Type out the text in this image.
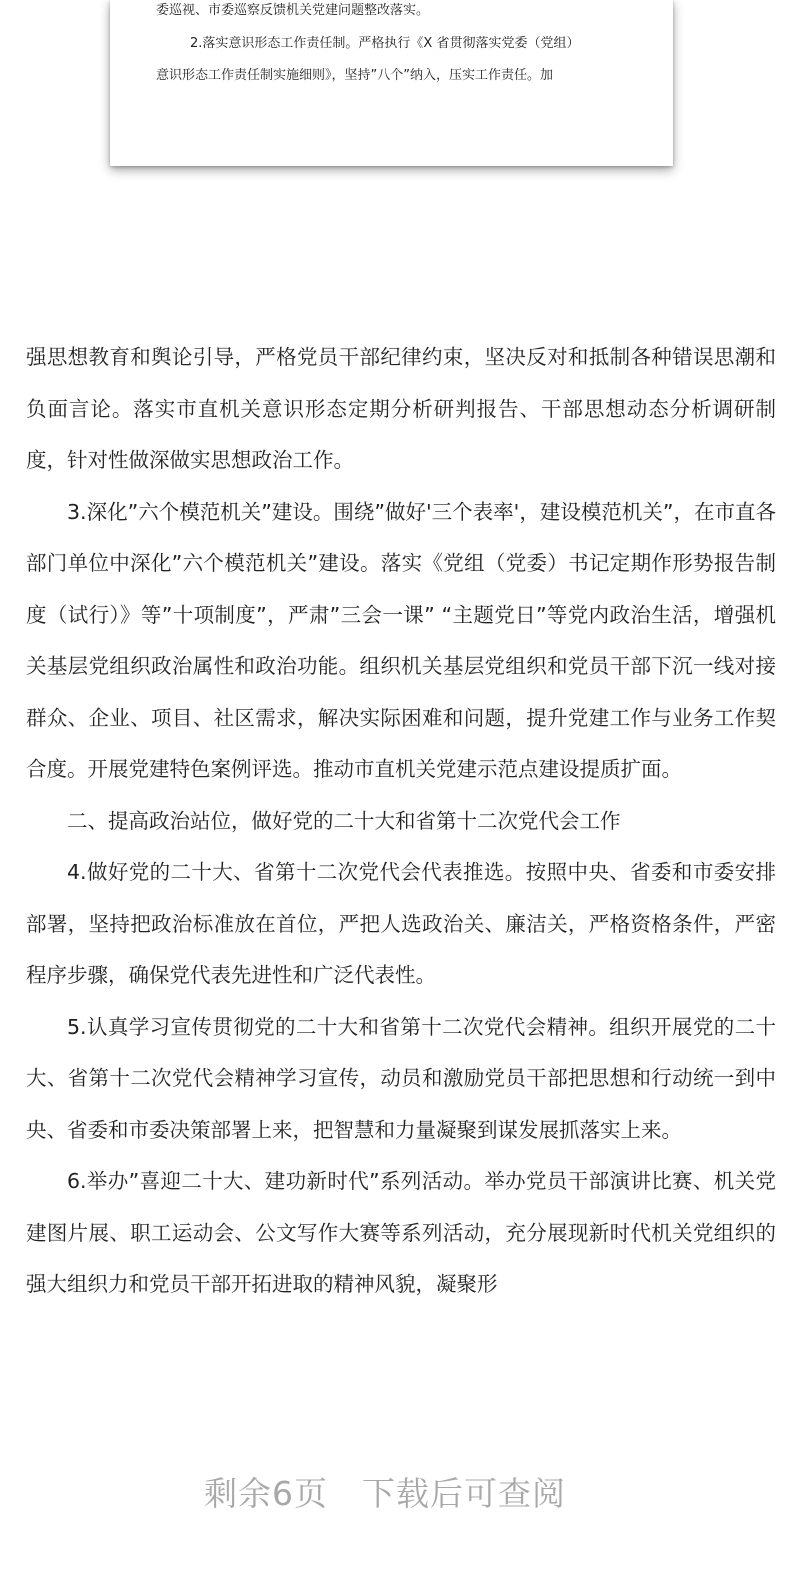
委巡视、市委巡察反馈机关党建问题整改落实。
2.落实意识形态工作责任制。严格执行《X 省贯彻落实党委（党组）
意识形态工作责任制实施细则》，坚持”八个”纳入，压实工作责任。加

强思想教育和舆论引导，严格党员干部纪律约束，坚决反对和抵制各种错误思潮和负面言论。落实市直机关意识形态定期分析研判报告、干部思想动态分析调研制度，针对性做深做实思想政治工作。

3.深化”六个模范机关”建设。围绕”做好'三个表率'，建设模范机关”，在市直各部门单位中深化”六个模范机关”建设。落实《党组（党委）书记定期作形势报告制度（试行）》等”十项制度”，严肃”三会一课” “主题党日”等党内政治生活，增强机关基层党组织政治属性和政治功能。组织机关基层党组织和党员干部下沉一线对接群众、企业、项目、社区需求，解决实际困难和问题，提升党建工作与业务工作契合度。开展党建特色案例评选。推动市直机关党建示范点建设提质扩面。

二、提高政治站位，做好党的二十大和省第十二次党代会工作

4.做好党的二十大、省第十二次党代会代表推选。按照中央、省委和市委安排部署，坚持把政治标准放在首位，严把人选政治关、廉洁关，严格资格条件，严密程序步骤，确保党代表先进性和广泛代表性。

5.认真学习宣传贯彻党的二十大和省第十二次党代会精神。组织开展党的二十大、省第十二次党代会精神学习宣传，动员和激励党员干部把思想和行动统一到中央、省委和市委决策部署上来，把智慧和力量凝聚到谋发展抓落实上来。

6.举办”喜迎二十大、建功新时代”系列活动。举办党员干部演讲比赛、机关党建图片展、职工运动会、公文写作大赛等系列活动，充分展现新时代机关党组织的强大组织力和党员干部开拓进取的精神风貌，凝聚形

剩余6页 下载后可查阅
